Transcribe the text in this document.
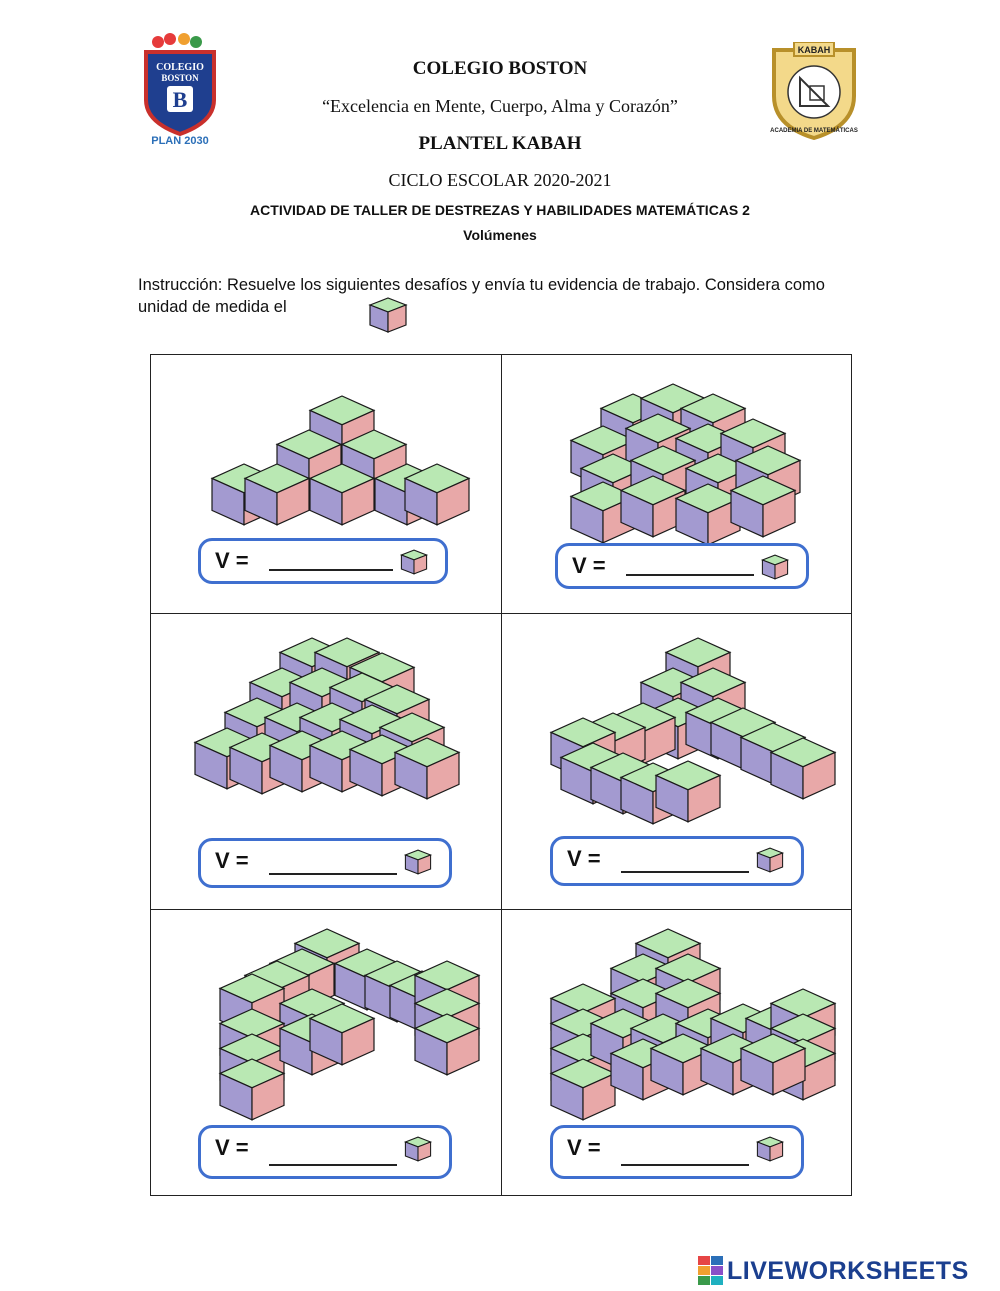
COLEGIO
BOSTON
B
PLAN 2030
KABAH
ACADEMIA DE MATEMÁTICAS
COLEGIO BOSTON
“Excelencia en Mente, Cuerpo, Alma y Corazón”
PLANTEL KABAH
CICLO ESCOLAR 2020-2021
ACTIVIDAD DE TALLER DE DESTREZAS Y HABILIDADES MATEMÁTICAS 2
Volúmenes
Instrucción: Resuelve los siguientes desafíos y envía tu evidencia de trabajo. Considera como unidad de medida el
V =	V =
V =	V =
V =	V =
LIVEWORKSHEETS
